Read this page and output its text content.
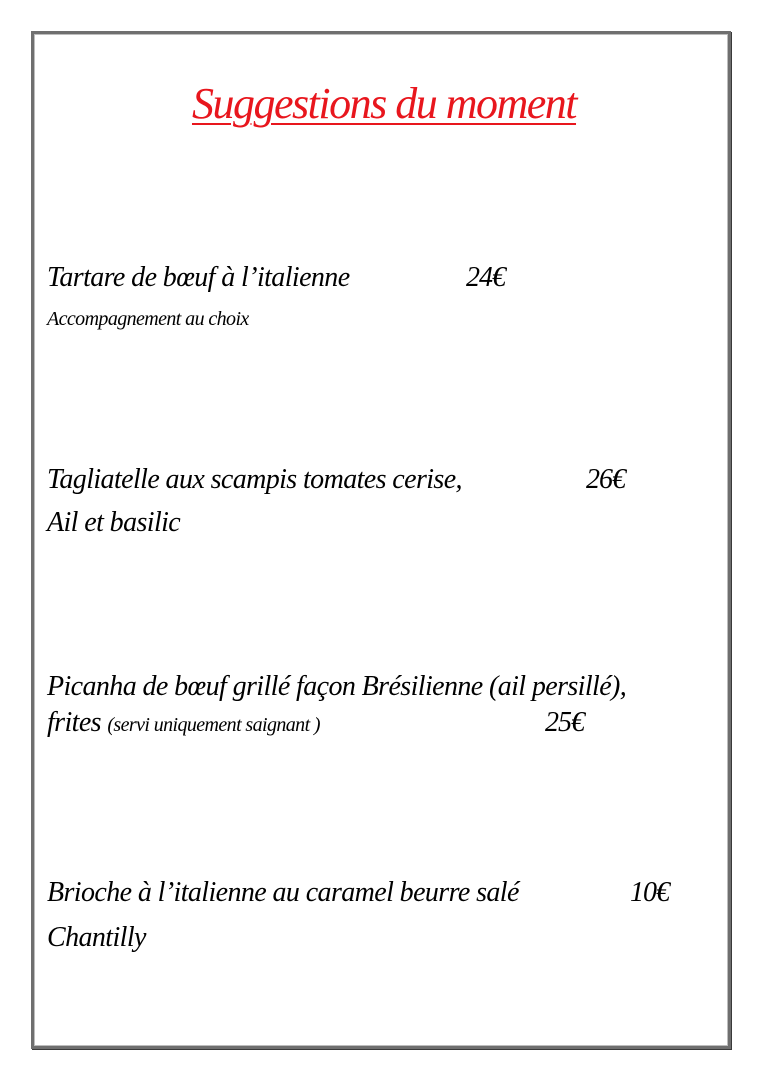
Suggestions du moment
Tartare de bœuf à l’italienne	24€
Accompagnement au choix
Tagliatelle aux scampis tomates cerise,	26€
Ail et basilic
Picanha de bœuf grillé façon Brésilienne (ail persillé),
frites (servi uniquement saignant )	25€
Brioche à l’italienne au caramel beurre salé	10€
Chantilly
